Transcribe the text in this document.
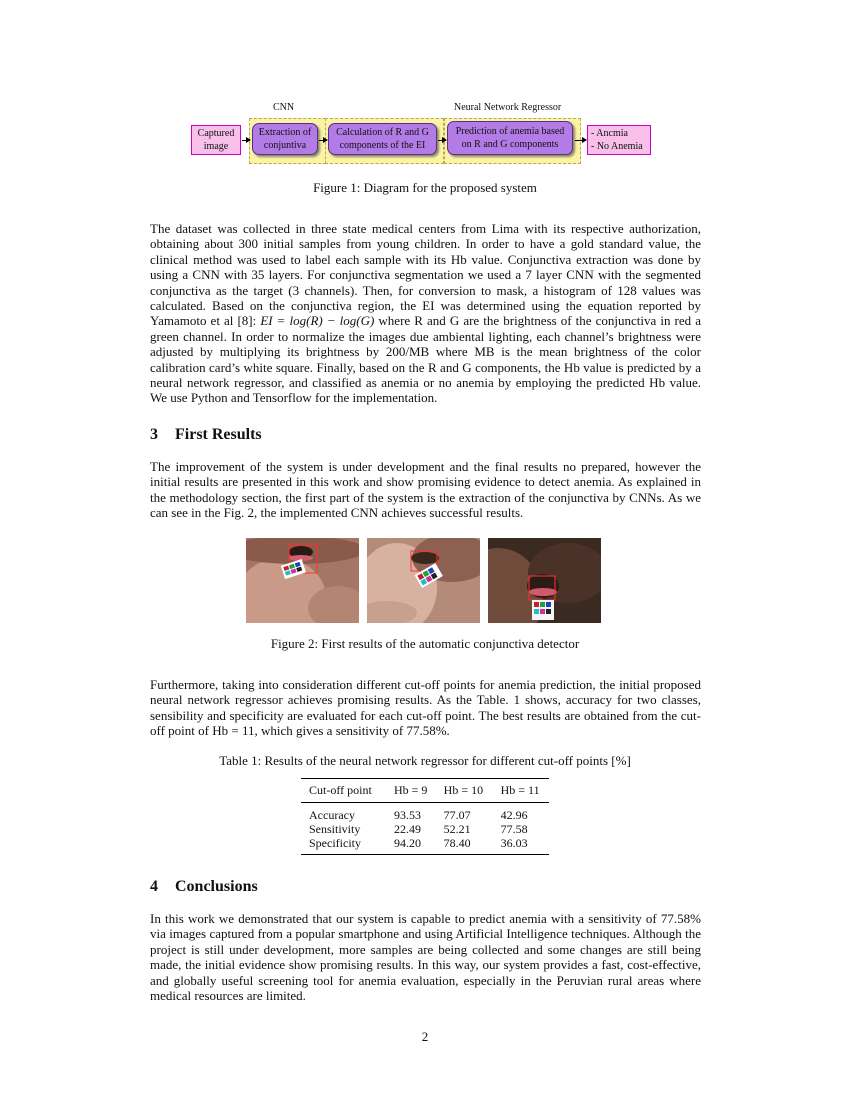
CNN	Neural Network Regressor
Captured
image
Extraction of
conjuntiva
Calculation of R and G
components of the EI
Prediction of anemia based
on R and G components
- Ancmia
- No Anemia
Figure 1: Diagram for the proposed system
The dataset was collected in three state medical centers from Lima with its respective authorization, obtaining about 300 initial samples from young children. In order to have a gold standard value, the clinical method was used to label each sample with its Hb value. Conjunctiva extraction was done by using a CNN with 35 layers. For conjunctiva segmentation we used a 7 layer CNN with the segmented conjunctiva as the target (3 channels). Then, for conversion to mask, a histogram of 128 values was calculated. Based on the conjunctiva region, the EI was determined using the equation reported by Yamamoto et al [8]: EI = log(R) − log(G) where R and G are the brightness of the conjunctiva in red a green channel. In order to normalize the images due ambiental lighting, each channel’s brightness were adjusted by multiplying its brightness by 200/MB where MB is the mean brightness of the color calibration card’s white square. Finally, based on the R and G components, the Hb value is predicted by a neural network regressor, and classified as anemia or no anemia by employing the predicted Hb value. We use Python and Tensorflow for the implementation.
3 First Results
The improvement of the system is under development and the final results no prepared, however the initial results are presented in this work and show promising evidence to detect anemia. As explained in the methodology section, the first part of the system is the extraction of the conjunctiva by CNNs. As we can see in the Fig. 2, the implemented CNN achieves successful results.
Figure 2: First results of the automatic conjunctiva detector
Furthermore, taking into consideration different cut-off points for anemia prediction, the initial proposed neural network regressor achieves promising results. As the Table. 1 shows, accuracy for two classes, sensibility and specificity are evaluated for each cut-off point. The best results are obtained from the cut-off point of Hb = 11, which gives a sensitivity of 77.58%.
Table 1: Results of the neural network regressor for different cut-off points [%]
Cut-off point	Hb = 9	Hb = 10	Hb = 11
Accuracy	93.53	77.07	42.96
Sensitivity	22.49	52.21	77.58
Specificity	94.20	78.40	36.03
4 Conclusions
In this work we demonstrated that our system is capable to predict anemia with a sensitivity of 77.58% via images captured from a popular smartphone and using Artificial Intelligence techniques. Although the project is still under development, more samples are being collected and some changes are still being made, the initial evidence show promising results. In this way, our system provides a fast, cost-effective, and globally useful screening tool for anemia evaluation, especially in the Peruvian rural areas where medical resources are limited.
2
